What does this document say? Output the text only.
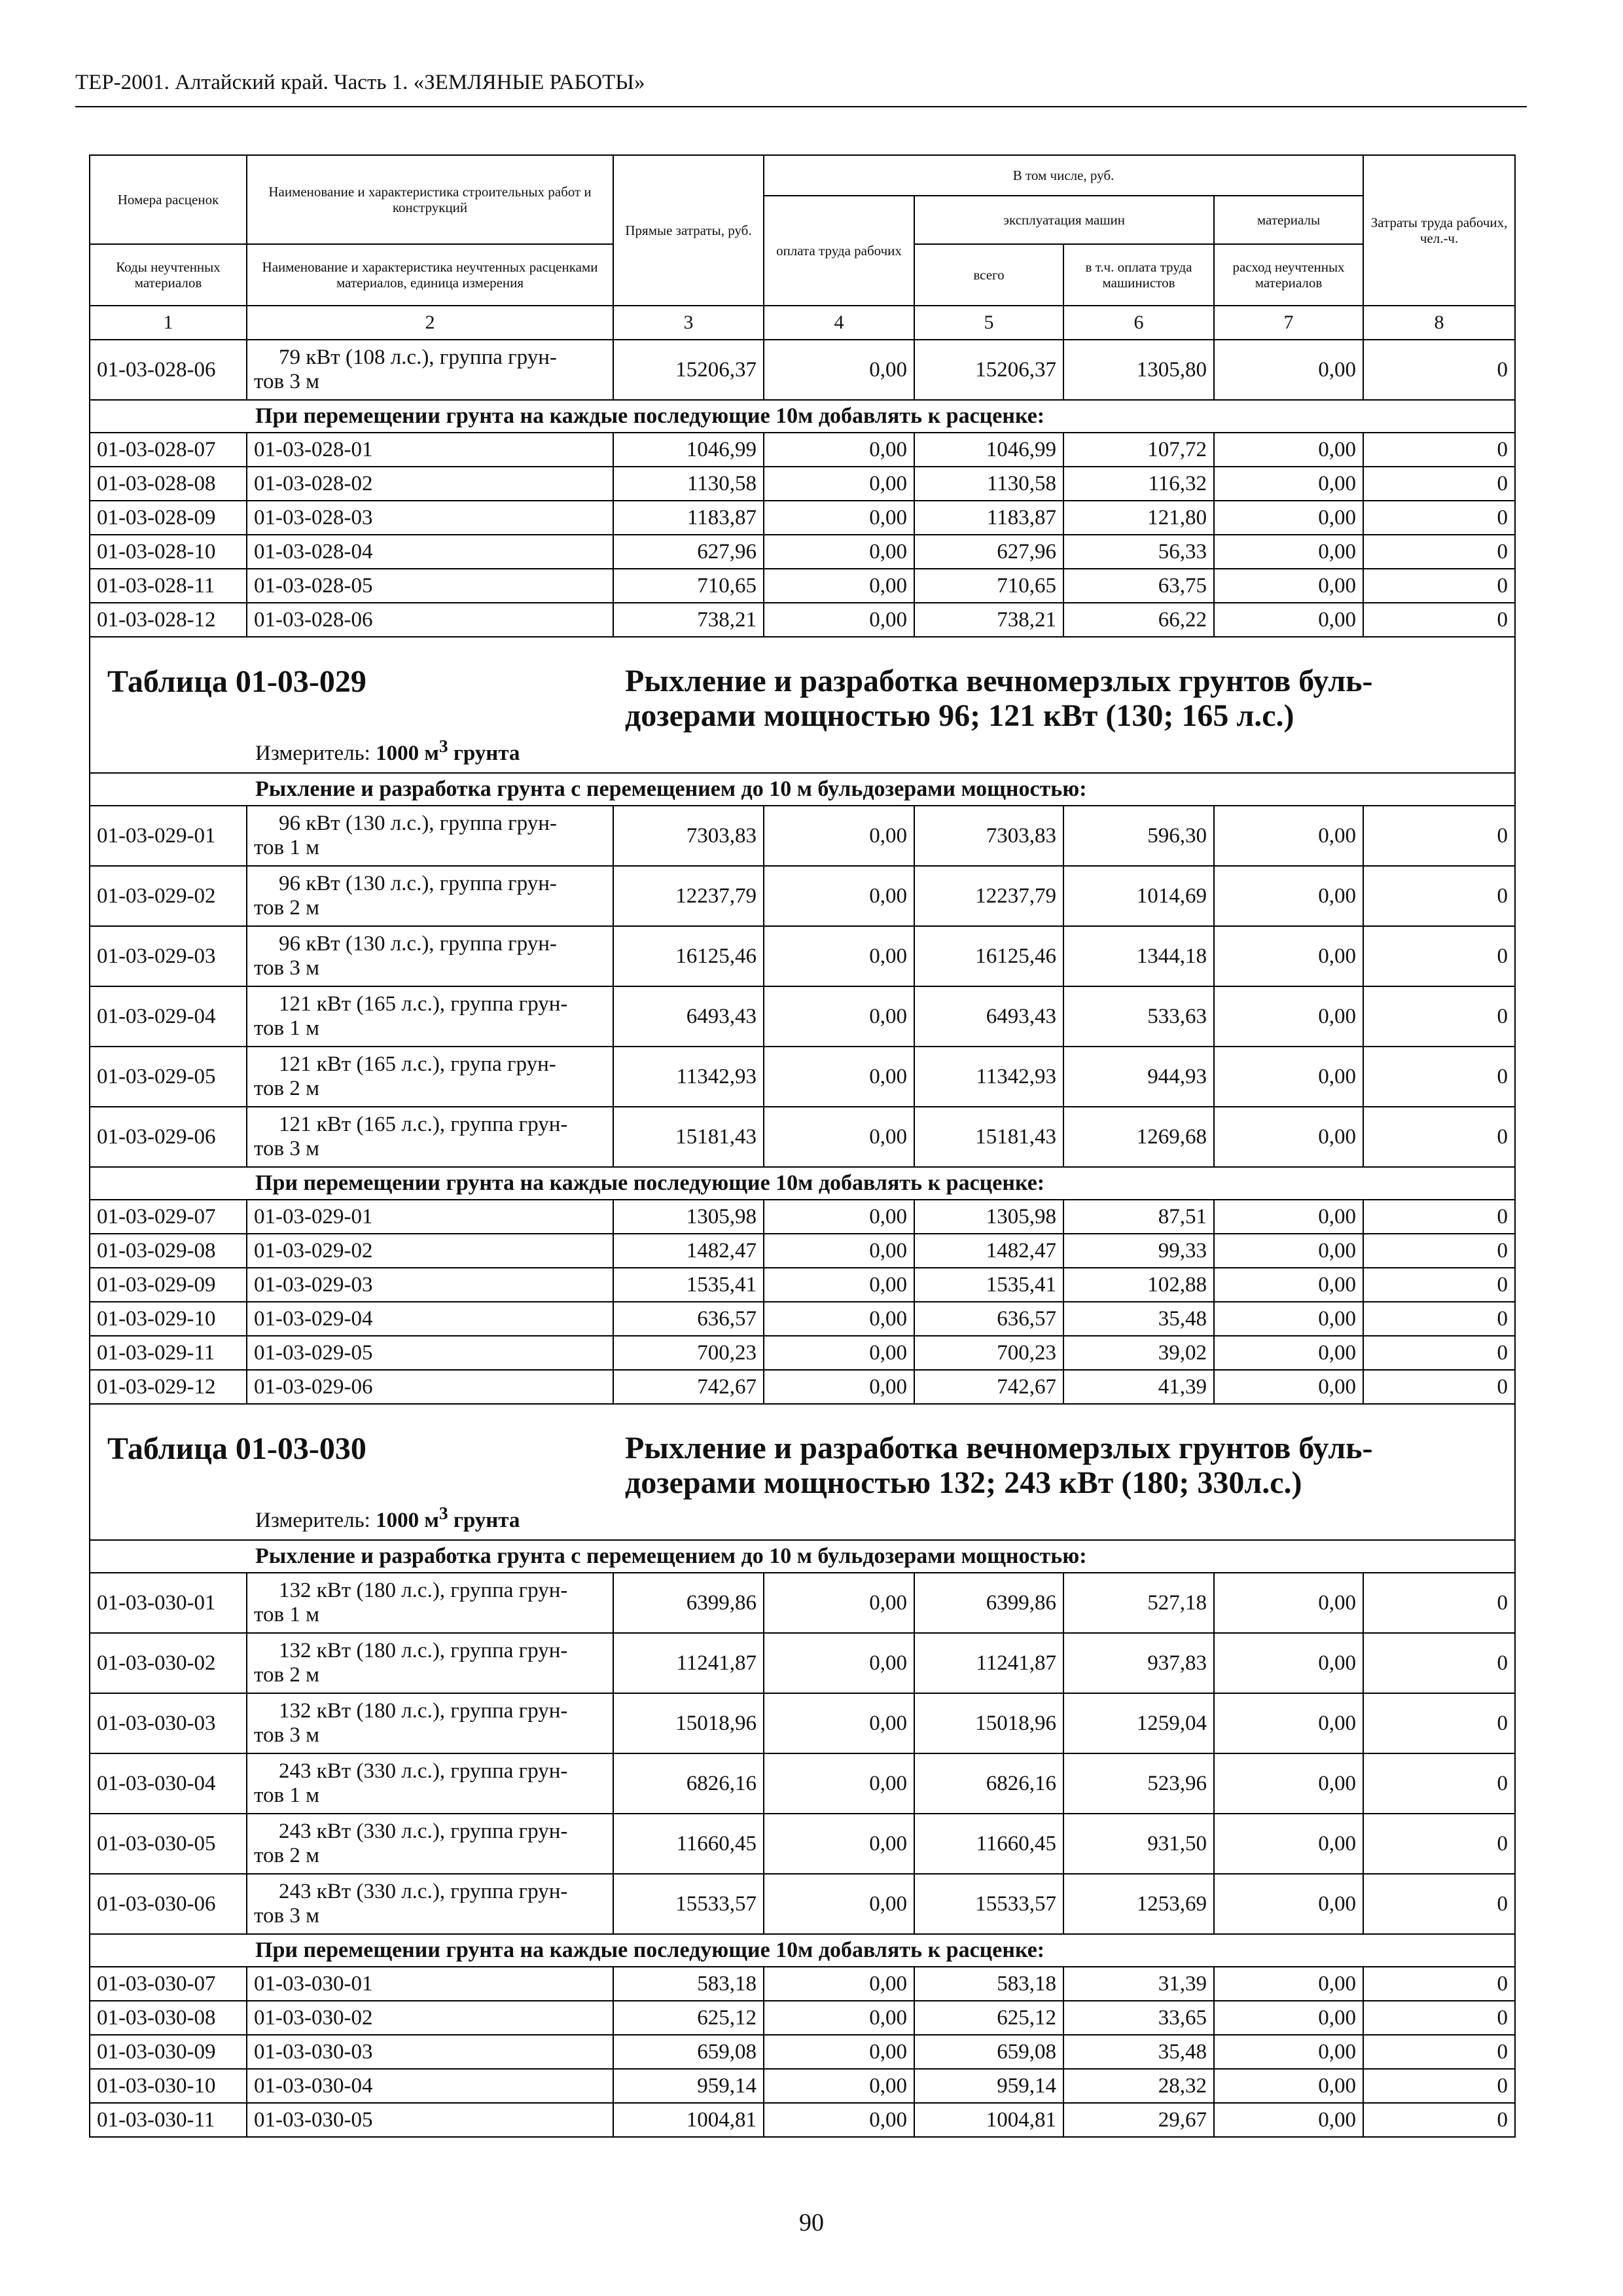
ТЕР-2001. Алтайский край. Часть 1. «ЗЕМЛЯНЫЕ РАБОТЫ»
Номера расценок	Наименование и характеристика строительных работ и конструкций	Прямые затраты, руб.	В том числе, руб.				Затраты труда рабочих, чел.-ч.
			оплата труда рабочих	эксплуатация машин		материалы	
Коды неучтенных материалов	Наименование и характеристика неучтенных расценками материалов, единица измерения			всего	в т.ч. оплата труда машинистов	расход неучтенных материалов	
1	2	3	4	5	6	7	8
01-03-028-06	79 кВт (108 л.с.), группа грун-
тов 3 м	15206,37	0,00	15206,37	1305,80	0,00	0
При перемещении грунта на каждые последующие 10м добавлять к расценке:							
01-03-028-07	01-03-028-01	1046,99	0,00	1046,99	107,72	0,00	0
01-03-028-08	01-03-028-02	1130,58	0,00	1130,58	116,32	0,00	0
01-03-028-09	01-03-028-03	1183,87	0,00	1183,87	121,80	0,00	0
01-03-028-10	01-03-028-04	627,96	0,00	627,96	56,33	0,00	0
01-03-028-11	01-03-028-05	710,65	0,00	710,65	63,75	0,00	0
01-03-028-12	01-03-028-06	738,21	0,00	738,21	66,22	0,00	0

Таблица 01-03-029 Рыхление и разработка вечномерзлых грунтов буль-дозерами мощностью 96; 121 кВт (130; 165 л.с.)
Измеритель: 1000 $м^3$ грунта							

Рыхление и разработка грунта с перемещением до 10 м бульдозерами мощностью:							
01-03-029-01	96 кВт (130 л.с.), группа грун-
тов 1 м	7303,83	0,00	7303,83	596,30	0,00	0
01-03-029-02	96 кВт (130 л.с.), группа грун-
тов 2 м	12237,79	0,00	12237,79	1014,69	0,00	0
01-03-029-03	96 кВт (130 л.с.), группа грун-
тов 3 м	16125,46	0,00	16125,46	1344,18	0,00	0
01-03-029-04	121 кВт (165 л.с.), группа грун-
тов 1 м	6493,43	0,00	6493,43	533,63	0,00	0
01-03-029-05	121 кВт (165 л.с.), група грун-
тов 2 м	11342,93	0,00	11342,93	944,93	0,00	0
01-03-029-06	121 кВт (165 л.с.), группа грун-
тов 3 м	15181,43	0,00	15181,43	1269,68	0,00	0
При перемещении грунта на каждые последующие 10м добавлять к расценке:							
01-03-029-07	01-03-029-01	1305,98	0,00	1305,98	87,51	0,00	0
01-03-029-08	01-03-029-02	1482,47	0,00	1482,47	99,33	0,00	0
01-03-029-09	01-03-029-03	1535,41	0,00	1535,41	102,88	0,00	0
01-03-029-10	01-03-029-04	636,57	0,00	636,57	35,48	0,00	0
01-03-029-11	01-03-029-05	700,23	0,00	700,23	39,02	0,00	0
01-03-029-12	01-03-029-06	742,67	0,00	742,67	41,39	0,00	0

Таблица 01-03-030 Рыхление и разработка вечномерзлых грунтов буль-дозерами мощностью 132; 243 кВт (180; 330л.с.)
Измеритель: 1000 $м^3$ грунта							

Рыхление и разработка грунта с перемещением до 10 м бульдозерами мощностью:							
01-03-030-01	132 кВт (180 л.с.), группа грун-
тов 1 м	6399,86	0,00	6399,86	527,18	0,00	0
01-03-030-02	132 кВт (180 л.с.), группа грун-
тов 2 м	11241,87	0,00	11241,87	937,83	0,00	0
01-03-030-03	132 кВт (180 л.с.), группа грун-
тов 3 м	15018,96	0,00	15018,96	1259,04	0,00	0
01-03-030-04	243 кВт (330 л.с.), группа грун-
тов 1 м	6826,16	0,00	6826,16	523,96	0,00	0
01-03-030-05	243 кВт (330 л.с.), группа грун-
тов 2 м	11660,45	0,00	11660,45	931,50	0,00	0
01-03-030-06	243 кВт (330 л.с.), группа грун-
тов 3 м	15533,57	0,00	15533,57	1253,69	0,00	0
При перемещении грунта на каждые последующие 10м добавлять к расценке:							
01-03-030-07	01-03-030-01	583,18	0,00	583,18	31,39	0,00	0
01-03-030-08	01-03-030-02	625,12	0,00	625,12	33,65	0,00	0
01-03-030-09	01-03-030-03	659,08	0,00	659,08	35,48	0,00	0
01-03-030-10	01-03-030-04	959,14	0,00	959,14	28,32	0,00	0
01-03-030-11	01-03-030-05	1004,81	0,00	1004,81	29,67	0,00	0
90
